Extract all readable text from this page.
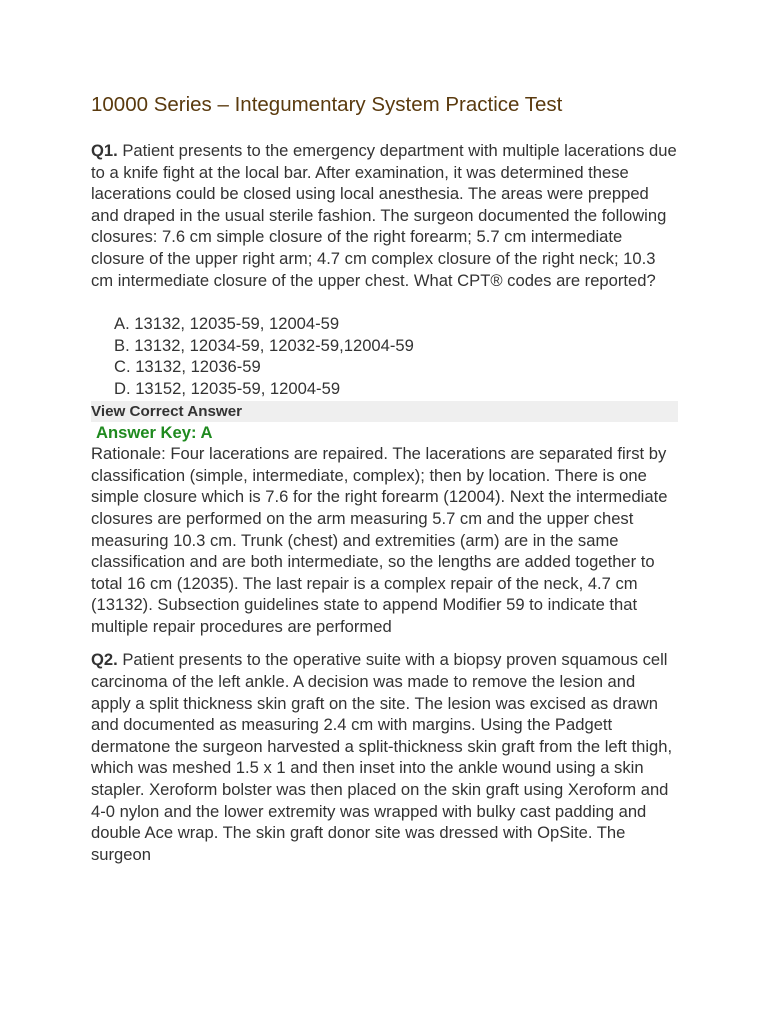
10000 Series – Integumentary System Practice Test

Q1. Patient presents to the emergency department with multiple lacerations due to a knife fight at the local bar. After examination, it was determined these lacerations could be closed using local anesthesia. The areas were prepped and draped in the usual sterile fashion. The surgeon documented the following closures: 7.6 cm simple closure of the right forearm; 5.7 cm intermediate closure of the upper right arm; 4.7 cm complex closure of the right neck; 10.3 cm intermediate closure of the upper chest. What CPT® codes are reported?

A. 13132, 12035-59, 12004-59
B. 13132, 12034-59, 12032-59,12004-59
C. 13132, 12036-59
D. 13152, 12035-59, 12004-59
View Correct Answer

Answer Key: A

Rationale: Four lacerations are repaired. The lacerations are separated first by classification (simple, intermediate, complex); then by location. There is one simple closure which is 7.6 for the right forearm (12004). Next the intermediate closures are performed on the arm measuring 5.7 cm and the upper chest measuring 10.3 cm. Trunk (chest) and extremities (arm) are in the same classification and are both intermediate, so the lengths are added together to total 16 cm (12035). The last repair is a complex repair of the neck, 4.7 cm (13132). Subsection guidelines state to append Modifier 59 to indicate that multiple repair procedures are performed

Q2. Patient presents to the operative suite with a biopsy proven squamous cell carcinoma of the left ankle. A decision was made to remove the lesion and apply a split thickness skin graft on the site. The lesion was excised as drawn and documented as measuring 2.4 cm with margins. Using the Padgett dermatone the surgeon harvested a split-thickness skin graft from the left thigh, which was meshed 1.5 x 1 and then inset into the ankle wound using a skin stapler. Xeroform bolster was then placed on the skin graft using Xeroform and 4-0 nylon and the lower extremity was wrapped with bulky cast padding and double Ace wrap. The skin graft donor site was dressed with OpSite. The surgeon
